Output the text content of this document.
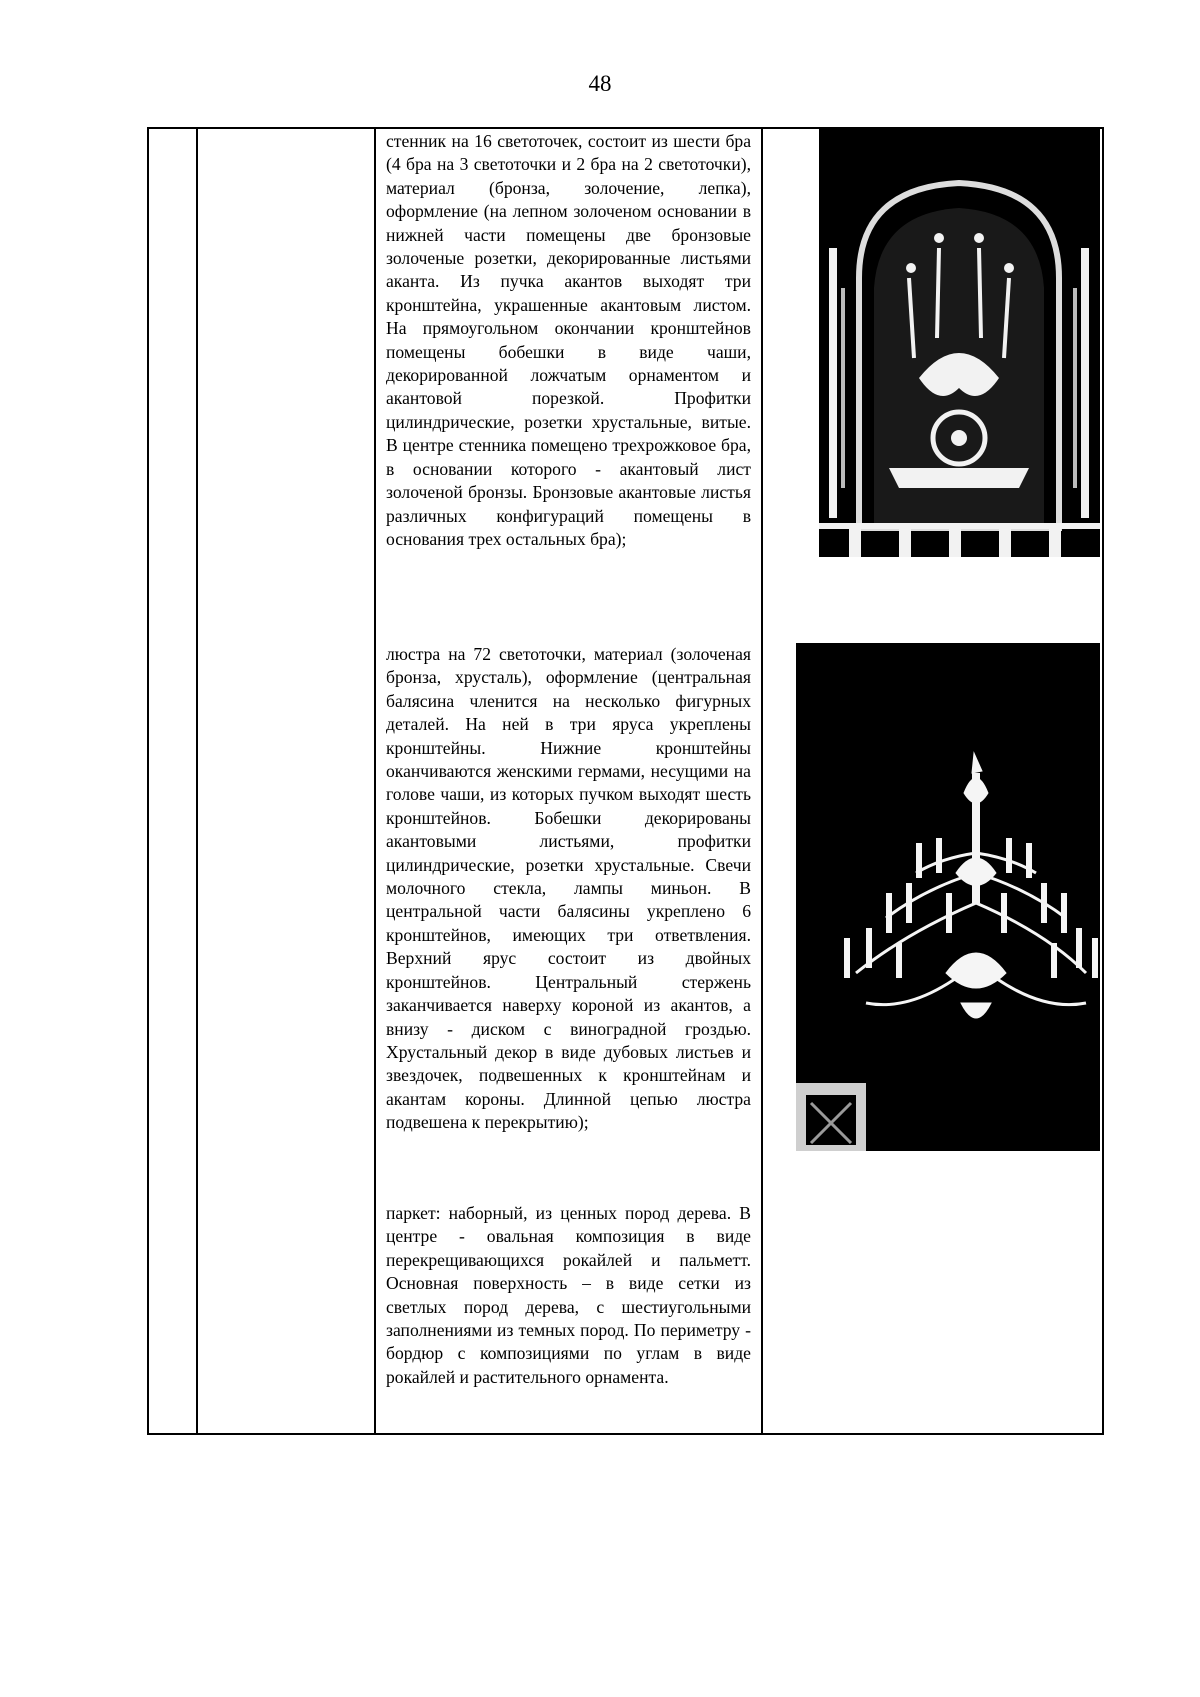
48

стенник на 16 светоточек, состоит из шести бра (4 бра на 3 светоточки и 2 бра на 2 светоточки), материал (бронза, золочение, лепка), оформление (на лепном золоченом основании в нижней части помещены две бронзовые золоченые розетки, декорированные листьями аканта. Из пучка акантов выходят три кронштейна, украшенные акантовым листом. На прямоугольном окончании кронштейнов помещены бобешки в виде чаши, декорированной ложчатым орнаментом и акантовой порезкой. Профитки цилиндрические, розетки хрустальные, витые. В центре стенника помещено трехрожковое бра, в основании которого - акантовый лист золоченой бронзы. Бронзовые акантовые листья различных конфигураций помещены в основания трех остальных бра);

люстра на 72 светоточки, материал (золоченая бронза, хрусталь), оформление (центральная балясина членится на несколько фигурных деталей. На ней в три яруса укреплены кронштейны. Нижние кронштейны оканчиваются женскими гермами, несущими на голове чаши, из которых пучком выходят шесть кронштейнов. Бобешки декорированы акантовыми листьями, профитки цилиндрические, розетки хрустальные. Свечи молочного стекла, лампы миньон. В центральной части балясины укреплено 6 кронштейнов, имеющих три ответвления. Верхний ярус состоит из двойных кронштейнов. Центральный стержень заканчивается наверху короной из акантов, а внизу - диском с виноградной гроздью. Хрустальный декор в виде дубовых листьев и звездочек, подвешенных к кронштейнам и акантам короны. Длинной цепью люстра подвешена к перекрытию);

паркет: наборный, из ценных пород дерева. В центре - овальная композиция в виде перекрещивающихся рокайлей и пальметт. Основная поверхность – в виде сетки из светлых пород дерева, с шестиугольными заполнениями из темных пород. По периметру - бордюр с композициями по углам в виде рокайлей и растительного орнамента.
